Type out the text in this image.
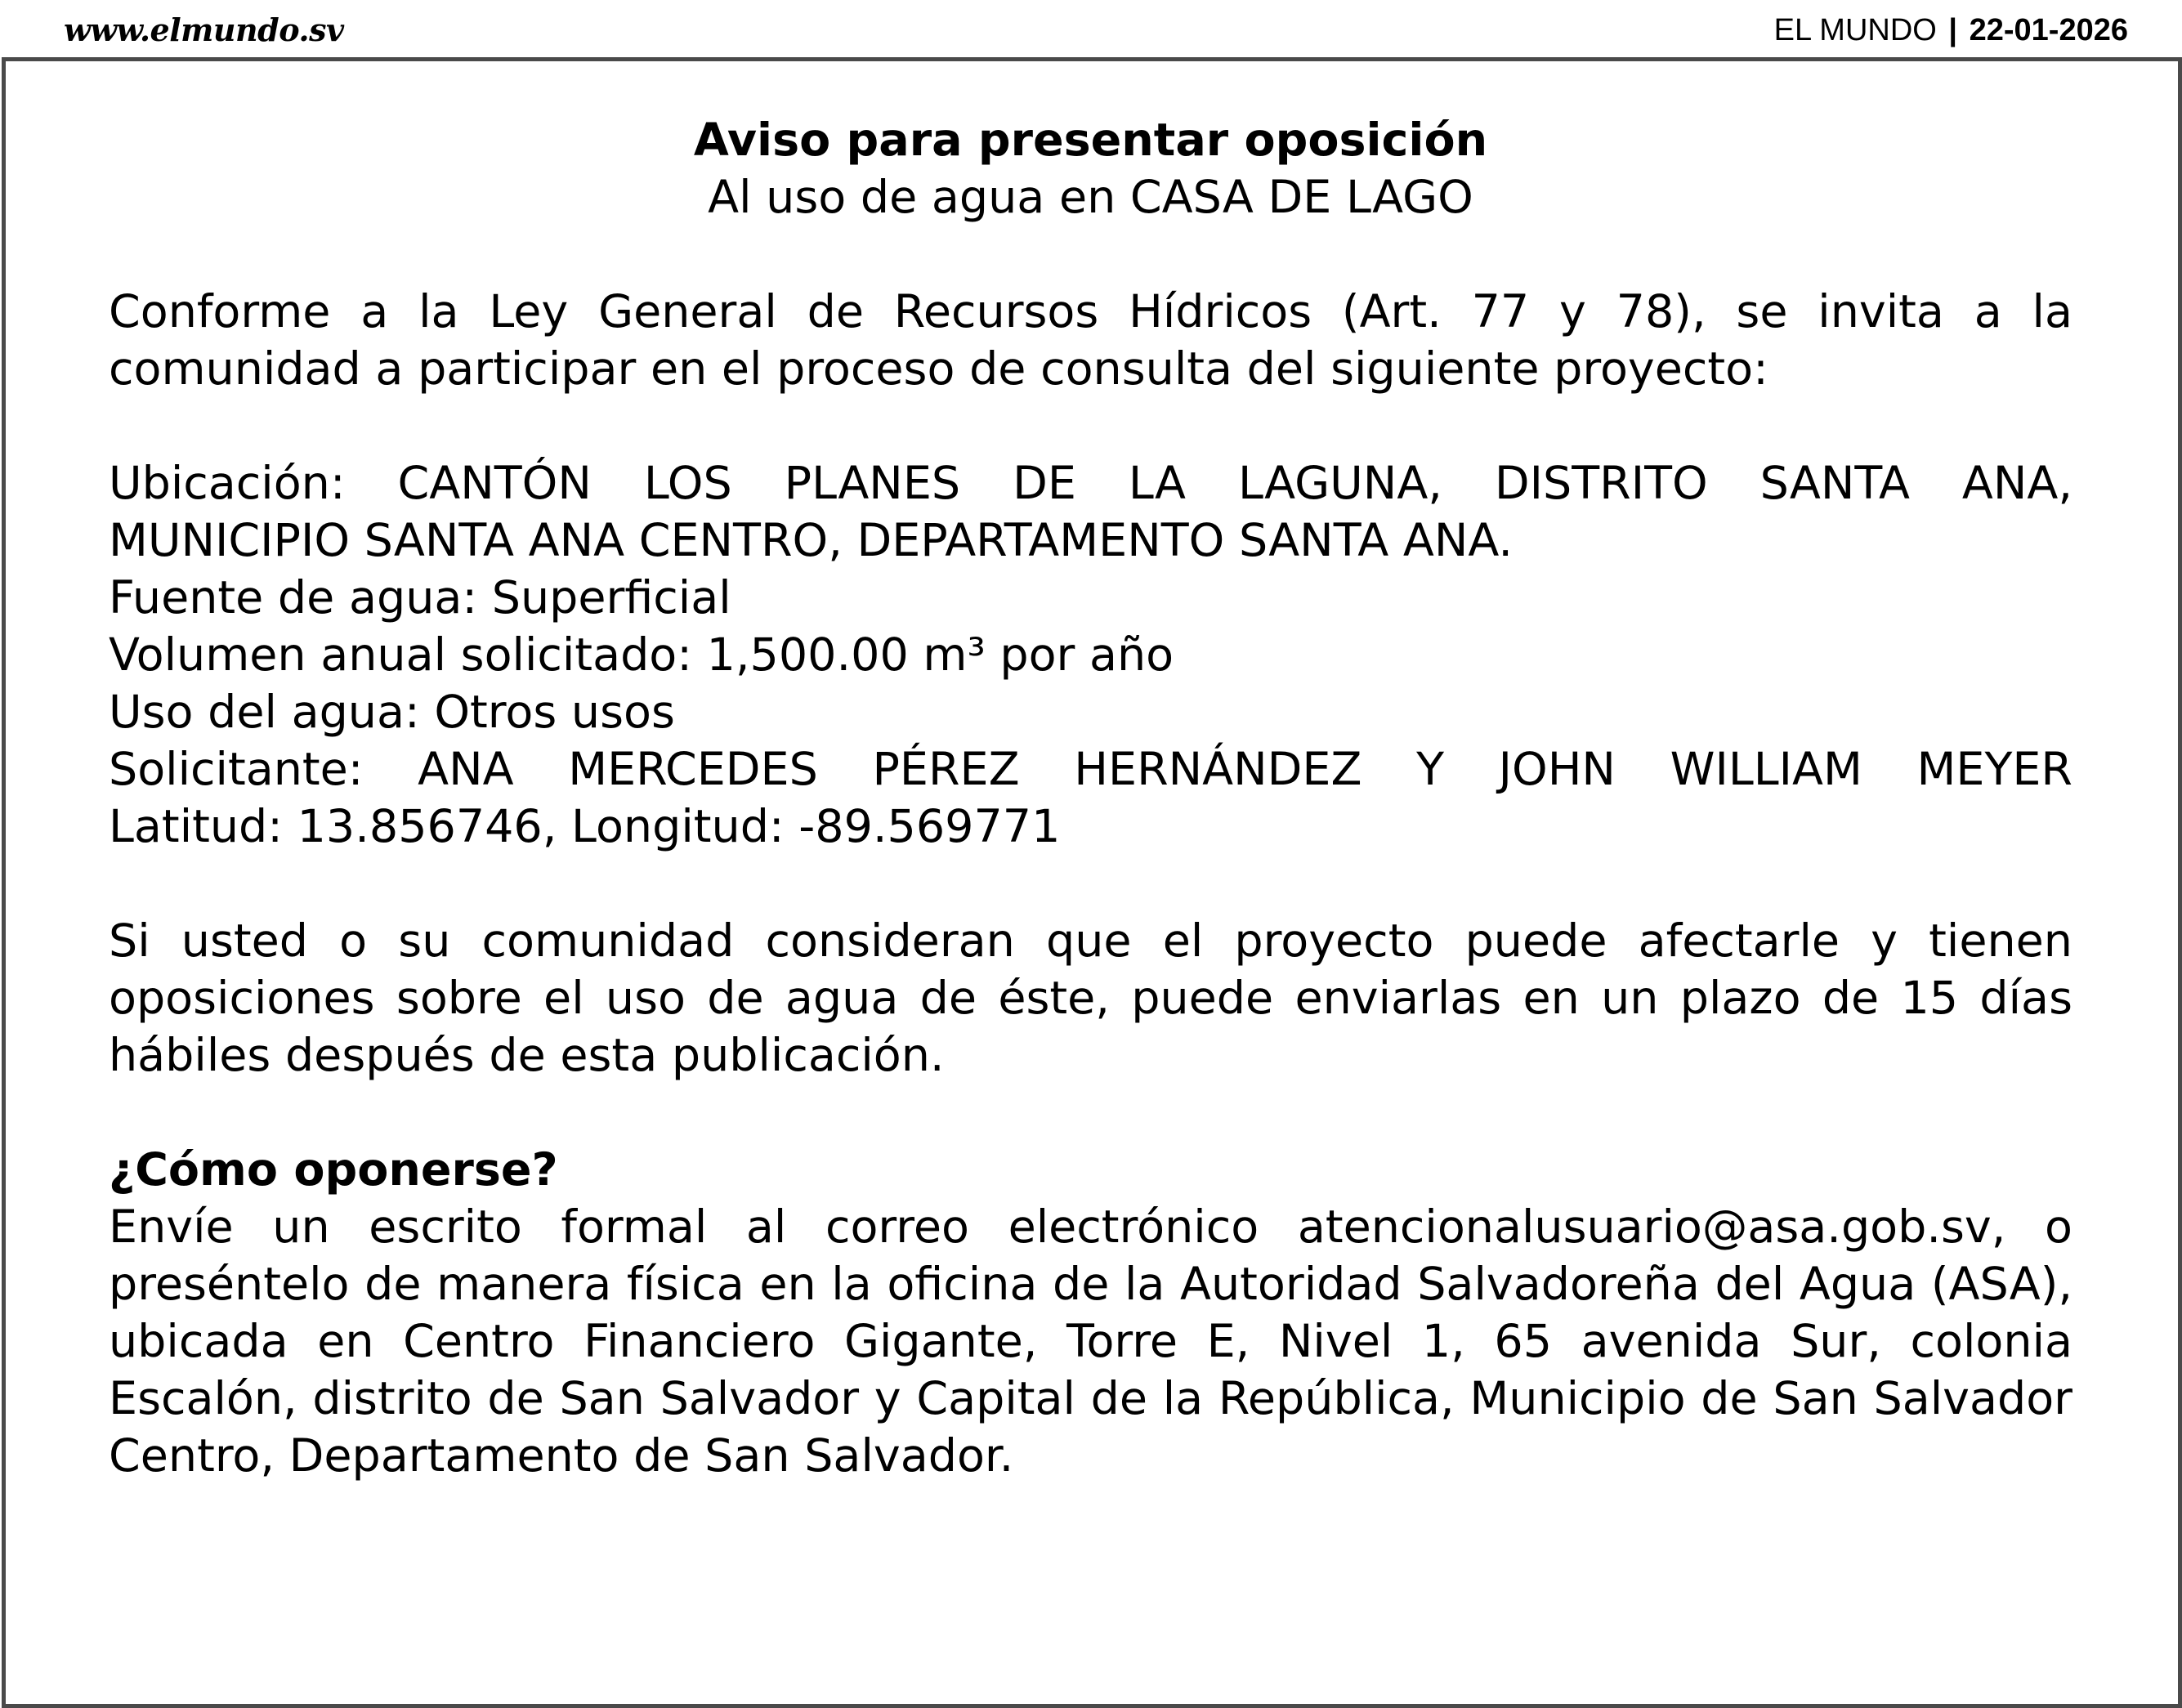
www.elmundo.sv	EL MUNDO | 22-01-2026

Aviso para presentar oposición

Al uso de agua en CASA DE LAGO

Conforme a la Ley General de Recursos Hídricos (Art. 77 y 78), se invita a la comunidad a participar en el proceso de consulta del siguiente proyecto:

Ubicación: CANTÓN LOS PLANES DE LA LAGUNA, DISTRITO SANTA ANA,

MUNICIPIO SANTA ANA CENTRO, DEPARTAMENTO SANTA ANA.

Fuente de agua: Superficial

Volumen anual solicitado: 1,500.00 m³ por año

Uso del agua: Otros usos

Solicitante: ANA MERCEDES PÉREZ HERNÁNDEZ Y JOHN WILLIAM MEYER

Latitud: 13.856746, Longitud: -89.569771

Si usted o su comunidad consideran que el proyecto puede afectarle y tienen oposiciones sobre el uso de agua de éste, puede enviarlas en un plazo de 15 días hábiles después de esta publicación.

¿Cómo oponerse?

Envíe un escrito formal al correo electrónico atencionalusuario@asa.gob.sv, o preséntelo de manera física en la oficina de la Autoridad Salvadoreña del Agua (ASA), ubicada en Centro Financiero Gigante, Torre E, Nivel 1, 65 avenida Sur, colonia Escalón, distrito de San Salvador y Capital de la República, Municipio de San Salvador Centro, Departamento de San Salvador.
